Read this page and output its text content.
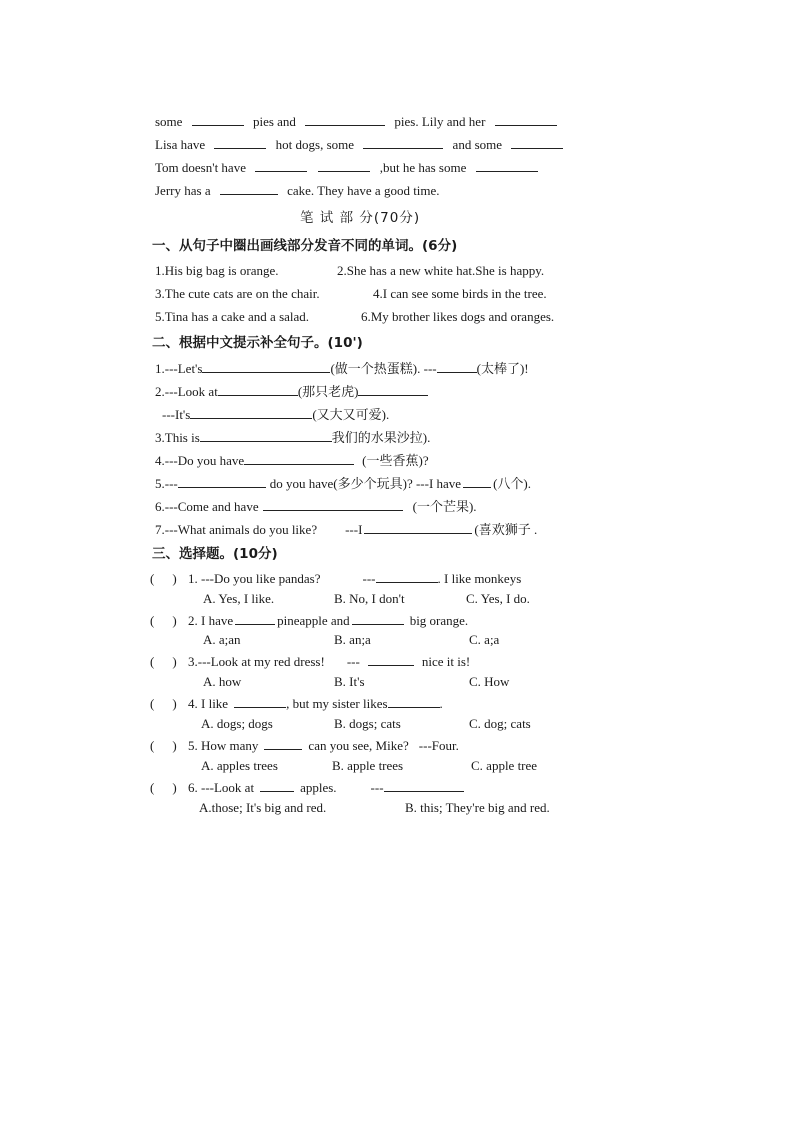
some	pies and	pies. Lily and her
Lisa have	hot dogs, some	and some
Tom doesn't have	,but he has some
Jerry has a	cake. They have a good time.
笔 试 部 分(70分)
一、从句子中圈出画线部分发音不同的单词。(6分)
1.His big bag is orange.	2.She has a new white hat.She is happy.
3.The cute cats are on the chair.	4.I can see some birds in the tree.
5.Tina has a cake and a salad.	6.My brother likes dogs and oranges.
二、根据中文提示补全句子。(10')
1.---Let's	(做一个热蛋糕). ---	(太棒了)!
2.---Look at	(那只老虎)
---It's	(又大又可爱).
3.This is	我们的水果沙拉).
4.---Do you have	(一些香蕉)?
5.---	do you have(多少个玩具)? ---I have (八个).
6.---Come and have	(一个芒果).
7.---What animals do you like? ---I	(喜欢狮子 .
三、选择题。(10分)
( ) 1. ---Do you like pandas?	---	. I like monkeys
A. Yes, I like.	B. No, I don't	C. Yes, I do.
( ) 2. I have	pineapple and	big orange.
A. a;an	B. an;a	C. a;a
( ) 3.---Look at my red dress! ---	nice it is!
A. how	B. It's	C. How
( ) 4. I like	, but my sister likes	.
A. dogs; dogs	B. dogs; cats	C. dog; cats
( ) 5. How many	can you see, Mike? ---Four.
A. apples trees	B. apple trees	C. apple tree
( ) 6. ---Look at	apples.	---
A.those; It's big and red.	B. this; They're big and red.
